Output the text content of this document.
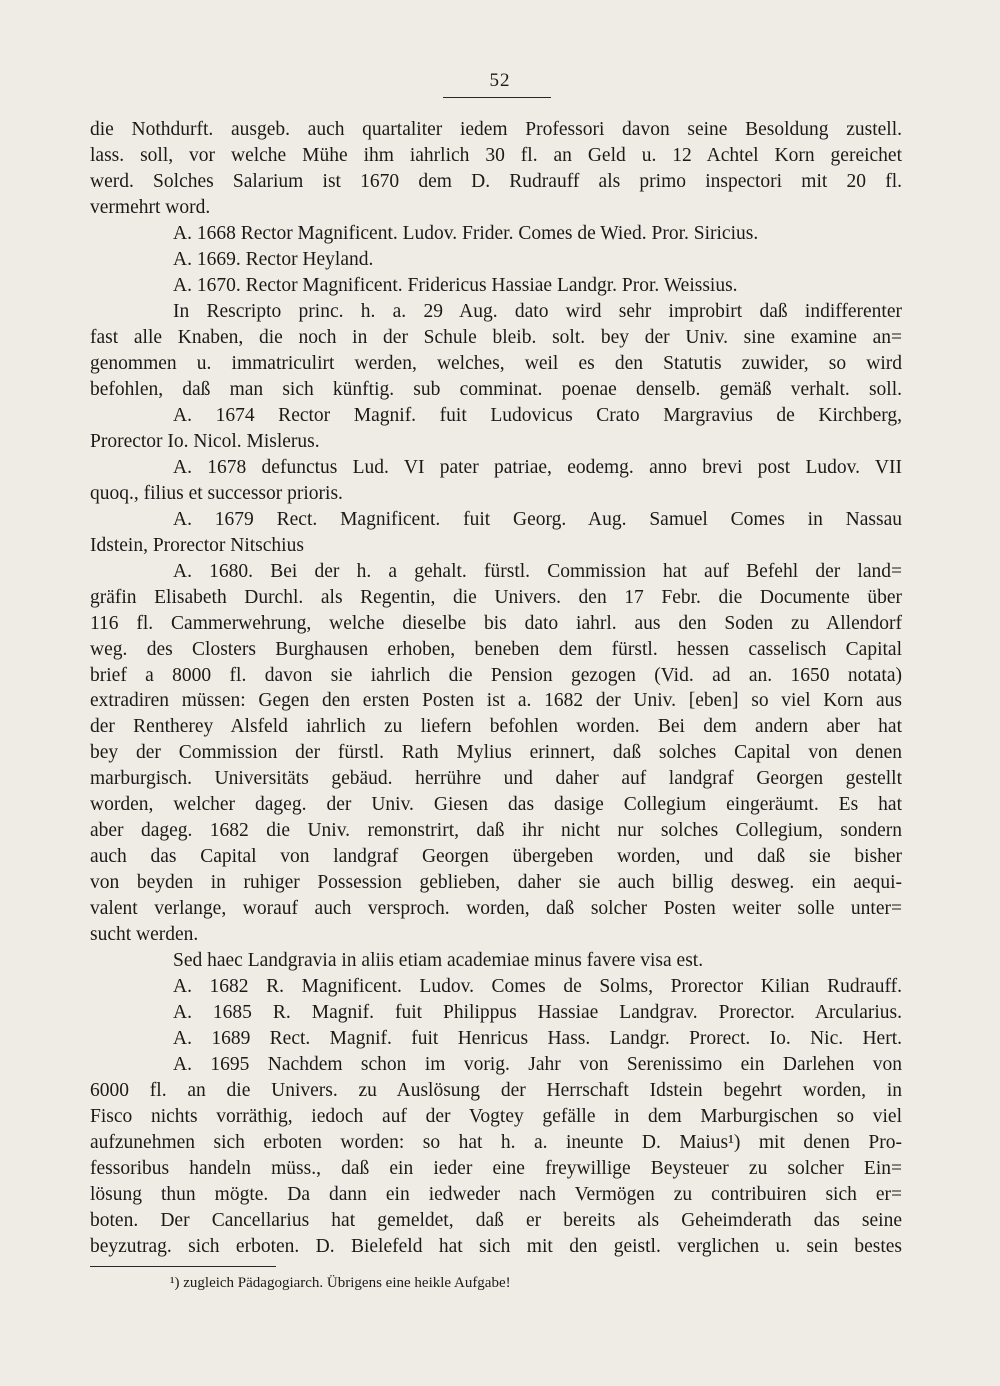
52
die Nothdurft. ausgeb. auch quartaliter iedem Professori davon seine Besoldung zustell.
lass. soll, vor welche Mühe ihm iahrlich 30 fl. an Geld u. 12 Achtel Korn gereichet
werd. Solches Salarium ist 1670 dem D. Rudrauff als primo inspectori mit 20 fl.
vermehrt word.
A. 1668 Rector Magnificent. Ludov. Frider. Comes de Wied. Pror. Siricius.
A. 1669. Rector Heyland.
A. 1670. Rector Magnificent. Fridericus Hassiae Landgr. Pror. Weissius.
In Rescripto princ. h. a. 29 Aug. dato wird sehr improbirt daß indifferenter
fast alle Knaben, die noch in der Schule bleib. solt. bey der Univ. sine examine an=
genommen u. immatriculirt werden, welches, weil es den Statutis zuwider, so wird
befohlen, daß man sich künftig. sub comminat. poenae denselb. gemäß verhalt. soll.
A. 1674 Rector Magnif. fuit Ludovicus Crato Margravius de Kirchberg,
Prorector Io. Nicol. Mislerus.
A. 1678 defunctus Lud. VI pater patriae, eodemg. anno brevi post Ludov. VII
quoq., filius et successor prioris.
A. 1679 Rect. Magnificent. fuit Georg. Aug. Samuel Comes in Nassau
Idstein, Prorector Nitschius
A. 1680. Bei der h. a gehalt. fürstl. Commission hat auf Befehl der land=
gräfin Elisabeth Durchl. als Regentin, die Univers. den 17 Febr. die Documente über
116 fl. Cammerwehrung, welche dieselbe bis dato iahrl. aus den Soden zu Allendorf
weg. des Closters Burghausen erhoben, beneben dem fürstl. hessen casselisch Capital
brief a 8000 fl. davon sie iahrlich die Pension gezogen (Vid. ad an. 1650 notata)
extradiren müssen: Gegen den ersten Posten ist a. 1682 der Univ. [eben] so viel Korn aus
der Rentherey Alsfeld iahrlich zu liefern befohlen worden. Bei dem andern aber hat
bey der Commission der fürstl. Rath Mylius erinnert, daß solches Capital von denen
marburgisch. Universitäts gebäud. herrühre und daher auf landgraf Georgen gestellt
worden, welcher dageg. der Univ. Giesen das dasige Collegium eingeräumt. Es hat
aber dageg. 1682 die Univ. remonstrirt, daß ihr nicht nur solches Collegium, sondern
auch das Capital von landgraf Georgen übergeben worden, und daß sie bisher
von beyden in ruhiger Possession geblieben, daher sie auch billig desweg. ein aequi-
valent verlange, worauf auch versproch. worden, daß solcher Posten weiter solle unter=
sucht werden.
Sed haec Landgravia in aliis etiam academiae minus favere visa est.
A. 1682 R. Magnificent. Ludov. Comes de Solms, Prorector Kilian Rudrauff.
A. 1685 R. Magnif. fuit Philippus Hassiae Landgrav. Prorector. Arcularius.
A. 1689 Rect. Magnif. fuit Henricus Hass. Landgr. Prorect. Io. Nic. Hert.
A. 1695 Nachdem schon im vorig. Jahr von Serenissimo ein Darlehen von
6000 fl. an die Univers. zu Auslösung der Herrschaft Idstein begehrt worden, in
Fisco nichts vorräthig, iedoch auf der Vogtey gefälle in dem Marburgischen so viel
aufzunehmen sich erboten worden: so hat h. a. ineunte D. Maius¹) mit denen Pro-
fessoribus handeln müss., daß ein ieder eine freywillige Beysteuer zu solcher Ein=
lösung thun mögte. Da dann ein iedweder nach Vermögen zu contribuiren sich er=
boten. Der Cancellarius hat gemeldet, daß er bereits als Geheimderath das seine
beyzutrag. sich erboten. D. Bielefeld hat sich mit den geistl. verglichen u. sein bestes
¹) zugleich Pädagogiarch. Übrigens eine heikle Aufgabe!
